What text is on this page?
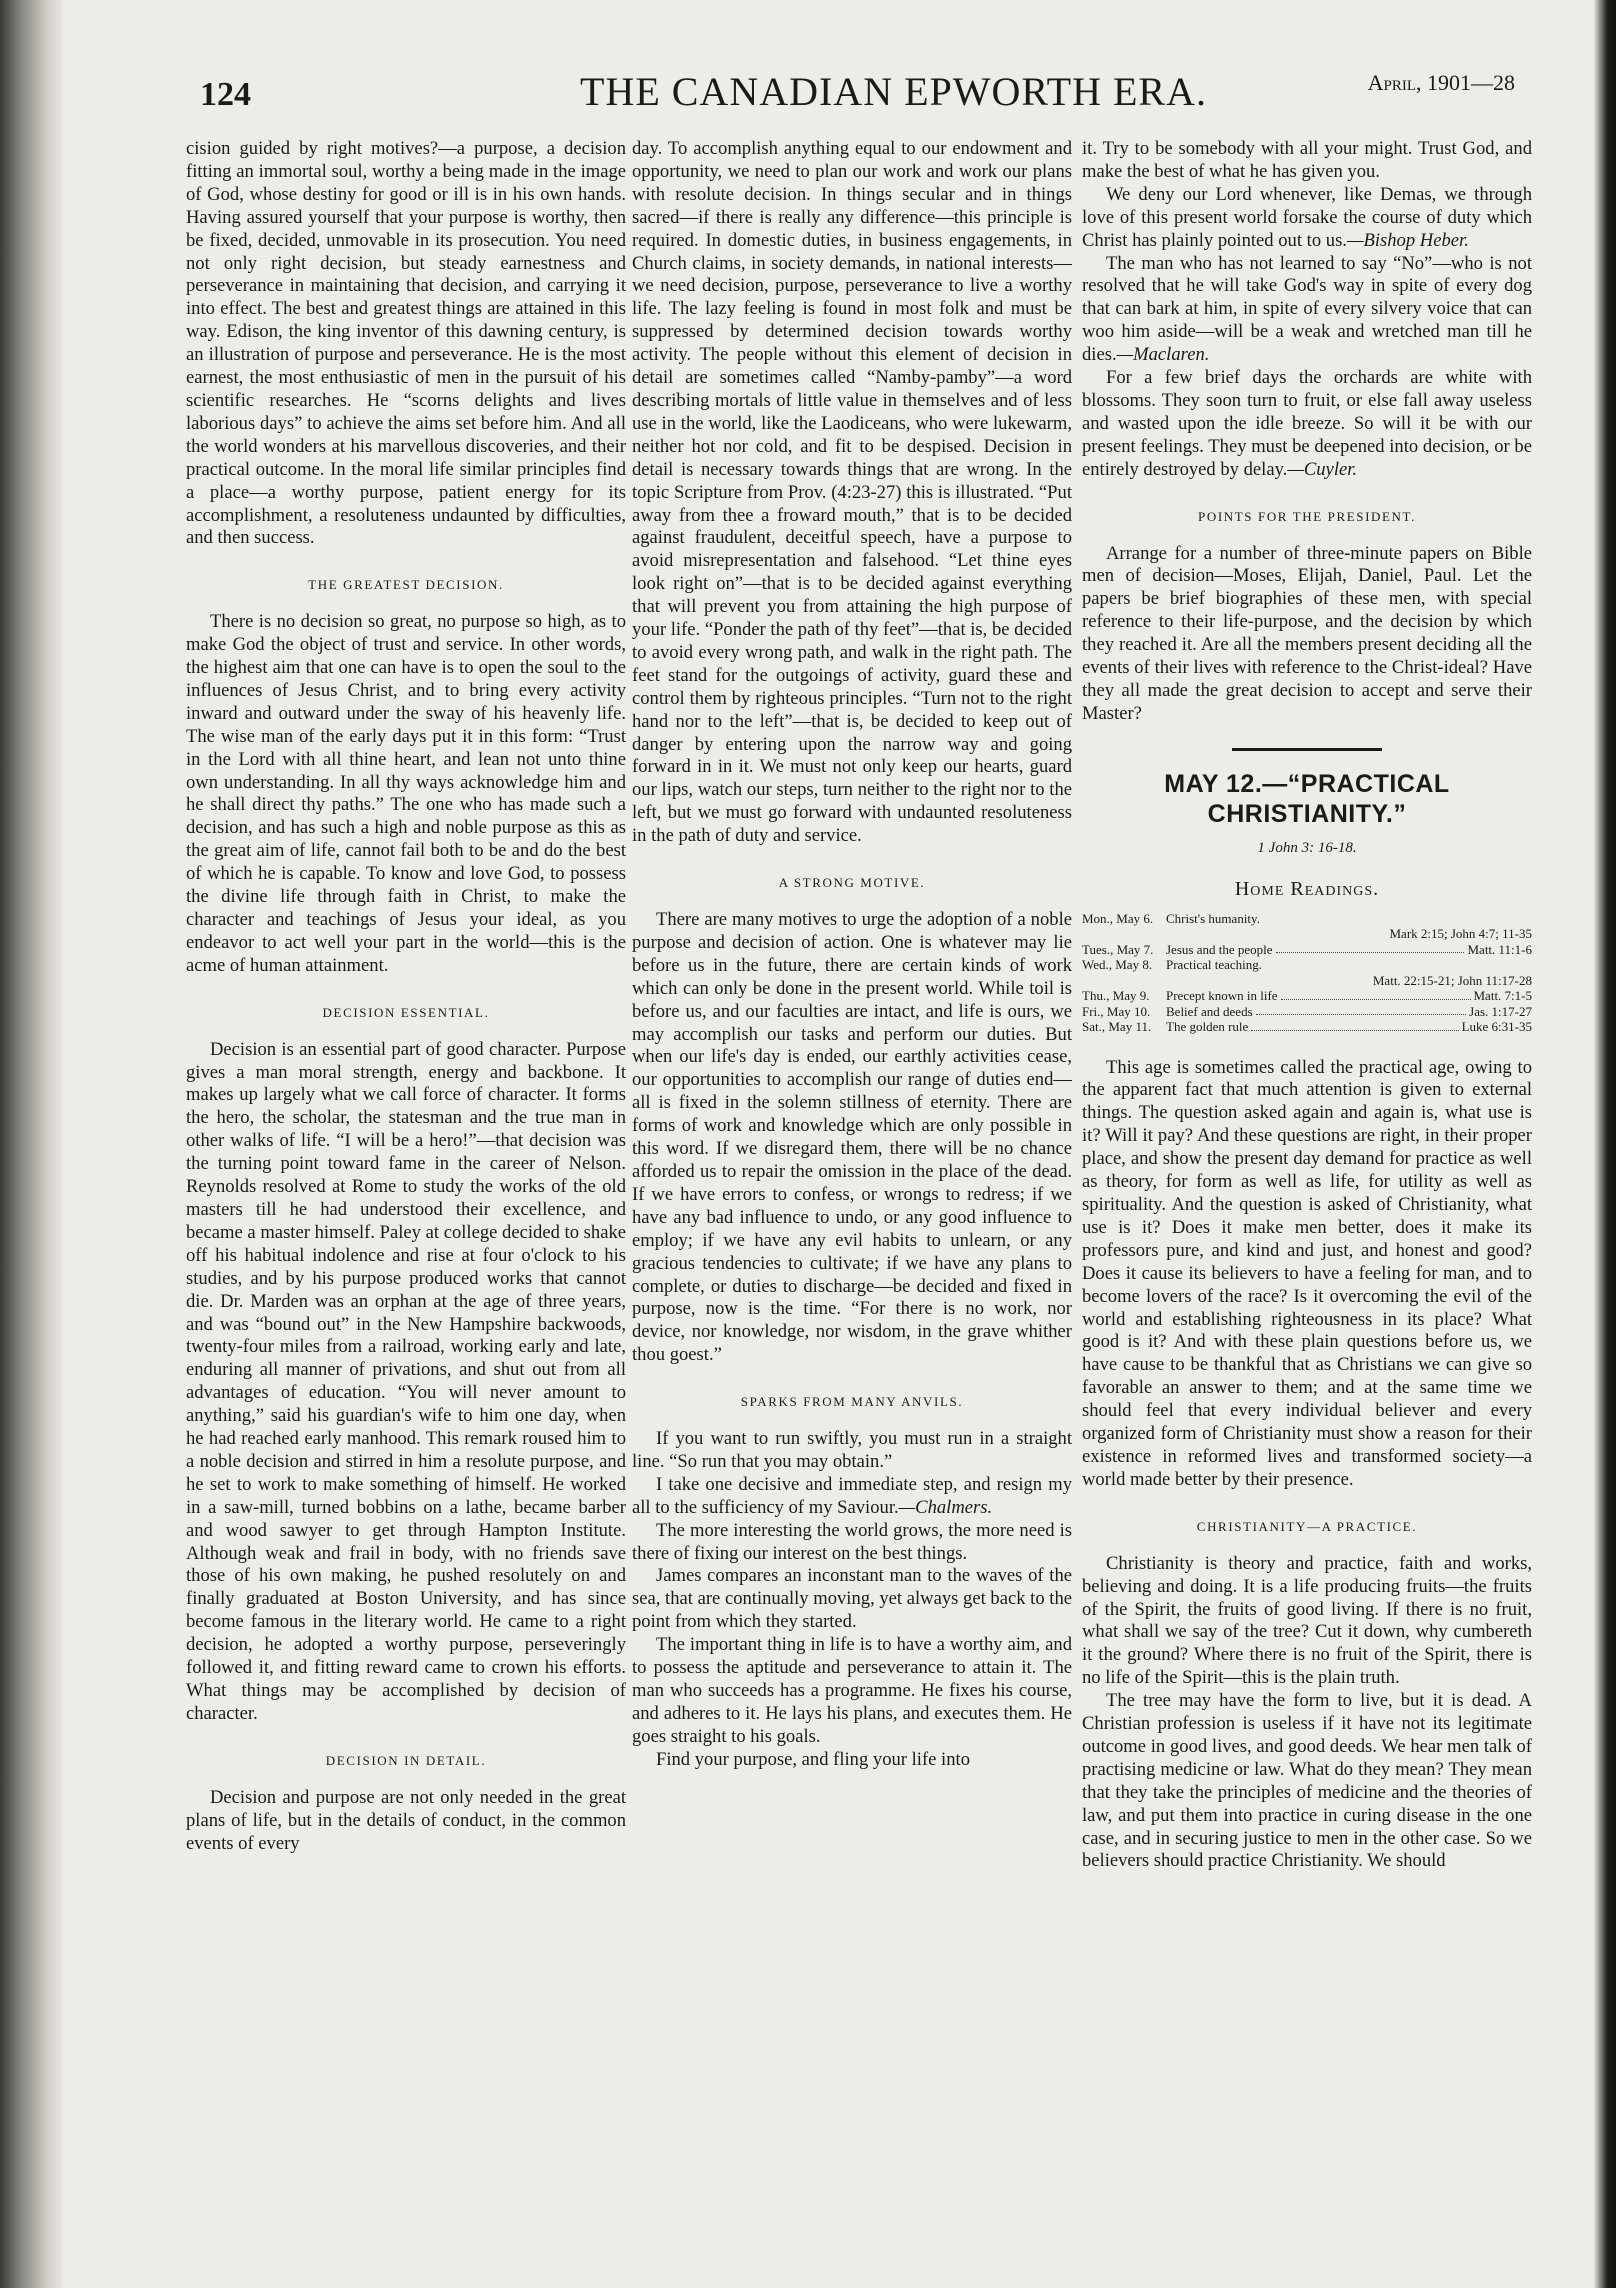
124	THE CANADIAN EPWORTH ERA.	April, 1901—28

cision guided by right motives?—a purpose, a decision fitting an immortal soul, worthy a being made in the image of God, whose destiny for good or ill is in his own hands. Having assured yourself that your purpose is worthy, then be fixed, decided, unmovable in its prosecution. You need not only right decision, but steady earnestness and perseverance in maintaining that decision, and carrying it into effect. The best and greatest things are attained in this way. Edison, the king inventor of this dawning century, is an illustration of purpose and perseverance. He is the most earnest, the most enthusiastic of men in the pursuit of his scientific researches. He “scorns delights and lives laborious days” to achieve the aims set before him. And all the world wonders at his marvellous discoveries, and their practical outcome. In the moral life similar principles find a place—a worthy purpose, patient energy for its accomplishment, a resoluteness undaunted by difficulties, and then success.

THE GREATEST DECISION.

There is no decision so great, no purpose so high, as to make God the object of trust and service. In other words, the highest aim that one can have is to open the soul to the influences of Jesus Christ, and to bring every activity inward and outward under the sway of his heavenly life. The wise man of the early days put it in this form: “Trust in the Lord with all thine heart, and lean not unto thine own understanding. In all thy ways acknowledge him and he shall direct thy paths.” The one who has made such a decision, and has such a high and noble purpose as this as the great aim of life, cannot fail both to be and do the best of which he is capable. To know and love God, to possess the divine life through faith in Christ, to make the character and teachings of Jesus your ideal, as you endeavor to act well your part in the world—this is the acme of human attainment.

DECISION ESSENTIAL.

Decision is an essential part of good character. Purpose gives a man moral strength, energy and backbone. It makes up largely what we call force of character. It forms the hero, the scholar, the statesman and the true man in other walks of life. “I will be a hero!”—that decision was the turning point toward fame in the career of Nelson. Reynolds resolved at Rome to study the works of the old masters till he had understood their excellence, and became a master himself. Paley at college decided to shake off his habitual indolence and rise at four o'clock to his studies, and by his purpose produced works that cannot die. Dr. Marden was an orphan at the age of three years, and was “bound out” in the New Hampshire backwoods, twenty-four miles from a railroad, working early and late, enduring all manner of privations, and shut out from all advantages of education. “You will never amount to anything,” said his guardian's wife to him one day, when he had reached early manhood. This remark roused him to a noble decision and stirred in him a resolute purpose, and he set to work to make something of himself. He worked in a saw-mill, turned bobbins on a lathe, became barber and wood sawyer to get through Hampton Institute. Although weak and frail in body, with no friends save those of his own making, he pushed resolutely on and finally graduated at Boston University, and has since become famous in the literary world. He came to a right decision, he adopted a worthy purpose, perseveringly followed it, and fitting reward came to crown his efforts. What things may be accomplished by decision of character.

DECISION IN DETAIL.

Decision and purpose are not only needed in the great plans of life, but in the details of conduct, in the common events of every

day. To accomplish anything equal to our endowment and opportunity, we need to plan our work and work our plans with resolute decision. In things secular and in things sacred—if there is really any difference—this principle is required. In domestic duties, in business engagements, in Church claims, in society demands, in national interests—we need decision, purpose, perseverance to live a worthy life. The lazy feeling is found in most folk and must be suppressed by determined decision towards worthy activity. The people without this element of decision in detail are sometimes called “Namby-pamby”—a word describing mortals of little value in themselves and of less use in the world, like the Laodiceans, who were lukewarm, neither hot nor cold, and fit to be despised. Decision in detail is necessary towards things that are wrong. In the topic Scripture from Prov. (4:23-27) this is illustrated. “Put away from thee a froward mouth,” that is to be decided against fraudulent, deceitful speech, have a purpose to avoid misrepresentation and falsehood. “Let thine eyes look right on”—that is to be decided against everything that will prevent you from attaining the high purpose of your life. “Ponder the path of thy feet”—that is, be decided to avoid every wrong path, and walk in the right path. The feet stand for the outgoings of activity, guard these and control them by righteous principles. “Turn not to the right hand nor to the left”—that is, be decided to keep out of danger by entering upon the narrow way and going forward in in it. We must not only keep our hearts, guard our lips, watch our steps, turn neither to the right nor to the left, but we must go forward with undaunted resoluteness in the path of duty and service.

A STRONG MOTIVE.

There are many motives to urge the adoption of a noble purpose and decision of action. One is whatever may lie before us in the future, there are certain kinds of work which can only be done in the present world. While toil is before us, and our faculties are intact, and life is ours, we may accomplish our tasks and perform our duties. But when our life's day is ended, our earthly activities cease, our opportunities to accomplish our range of duties end—all is fixed in the solemn stillness of eternity. There are forms of work and knowledge which are only possible in this word. If we disregard them, there will be no chance afforded us to repair the omission in the place of the dead. If we have errors to confess, or wrongs to redress; if we have any bad influence to undo, or any good influence to employ; if we have any evil habits to unlearn, or any gracious tendencies to cultivate; if we have any plans to complete, or duties to discharge—be decided and fixed in purpose, now is the time. “For there is no work, nor device, nor knowledge, nor wisdom, in the grave whither thou goest.”

SPARKS FROM MANY ANVILS.

If you want to run swiftly, you must run in a straight line. “So run that you may obtain.”

I take one decisive and immediate step, and resign my all to the sufficiency of my Saviour.—Chalmers.

The more interesting the world grows, the more need is there of fixing our interest on the best things.

James compares an inconstant man to the waves of the sea, that are continually moving, yet always get back to the point from which they started.

The important thing in life is to have a worthy aim, and to possess the aptitude and perseverance to attain it. The man who succeeds has a programme. He fixes his course, and adheres to it. He lays his plans, and executes them. He goes straight to his goals.

Find your purpose, and fling your life into

it. Try to be somebody with all your might. Trust God, and make the best of what he has given you.

We deny our Lord whenever, like Demas, we through love of this present world forsake the course of duty which Christ has plainly pointed out to us.—Bishop Heber.

The man who has not learned to say “No”—who is not resolved that he will take God's way in spite of every dog that can bark at him, in spite of every silvery voice that can woo him aside—will be a weak and wretched man till he dies.—Maclaren.

For a few brief days the orchards are white with blossoms. They soon turn to fruit, or else fall away useless and wasted upon the idle breeze. So will it be with our present feelings. They must be deepened into decision, or be entirely destroyed by delay.—Cuyler.

POINTS FOR THE PRESIDENT.

Arrange for a number of three-minute papers on Bible men of decision—Moses, Elijah, Daniel, Paul. Let the papers be brief biographies of these men, with special reference to their life-purpose, and the decision by which they reached it. Are all the members present deciding all the events of their lives with reference to the Christ-ideal? Have they all made the great decision to accept and serve their Master?

MAY 12.—“PRACTICAL CHRISTIANITY.”
1 John 3: 16-18.
Home Readings.
Mon., May 6. Christ's humanity.
Mark 2:15; John 4:7; 11-35
Tues., May 7. Jesus and the people	Matt. 11:1-6
Wed., May 8.	Practical teaching.
Matt. 22:15-21; John 11:17-28
Thu., May 9.	Precept known in life	Matt. 7:1-5
Fri., May 10.	Belief and deeds	Jas. 1:17-27
Sat., May 11.	The golden rule	Luke 6:31-35

This age is sometimes called the practical age, owing to the apparent fact that much attention is given to external things. The question asked again and again is, what use is it? Will it pay? And these questions are right, in their proper place, and show the present day demand for practice as well as theory, for form as well as life, for utility as well as spirituality. And the question is asked of Christianity, what use is it? Does it make men better, does it make its professors pure, and kind and just, and honest and good? Does it cause its believers to have a feeling for man, and to become lovers of the race? Is it overcoming the evil of the world and establishing righteousness in its place? What good is it? And with these plain questions before us, we have cause to be thankful that as Christians we can give so favorable an answer to them; and at the same time we should feel that every individual believer and every organized form of Christianity must show a reason for their existence in reformed lives and transformed society—a world made better by their presence.

CHRISTIANITY—A PRACTICE.

Christianity is theory and practice, faith and works, believing and doing. It is a life producing fruits—the fruits of the Spirit, the fruits of good living. If there is no fruit, what shall we say of the tree? Cut it down, why cumbereth it the ground? Where there is no fruit of the Spirit, there is no life of the Spirit—this is the plain truth.

The tree may have the form to live, but it is dead. A Christian profession is useless if it have not its legitimate outcome in good lives, and good deeds. We hear men talk of practising medicine or law. What do they mean? They mean that they take the principles of medicine and the theories of law, and put them into practice in curing disease in the one case, and in securing justice to men in the other case. So we believers should practice Christianity. We should
